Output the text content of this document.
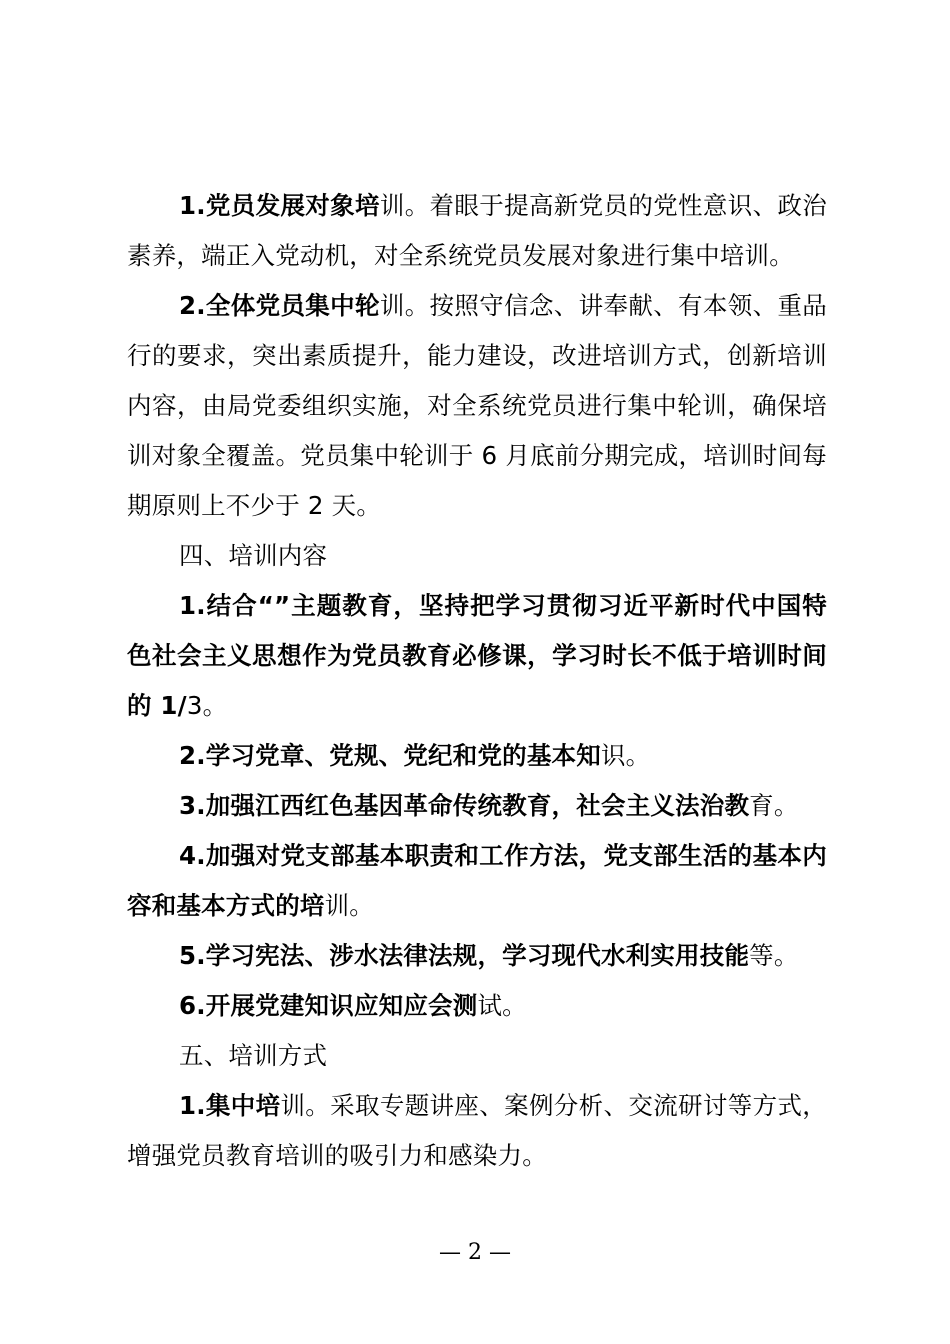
1.党员发展对象培训。着眼于提高新党员的党性意识、政治素养，端正入党动机，对全系统党员发展对象进行集中培训。

2.全体党员集中轮训。按照守信念、讲奉献、有本领、重品行的要求，突出素质提升，能力建设，改进培训方式，创新培训内容，由局党委组织实施，对全系统党员进行集中轮训，确保培训对象全覆盖。党员集中轮训于 6 月底前分期完成，培训时间每期原则上不少于 2 天。

四、培训内容

1.结合“”主题教育，坚持把学习贯彻习近平新时代中国特色社会主义思想作为党员教育必修课，学习时长不低于培训时间的 1/3。

2.学习党章、党规、党纪和党的基本知识。

3.加强江西红色基因革命传统教育，社会主义法治教育。

4.加强对党支部基本职责和工作方法，党支部生活的基本内容和基本方式的培训。

5.学习宪法、涉水法律法规，学习现代水利实用技能等。

6.开展党建知识应知应会测试。

五、培训方式

1.集中培训。采取专题讲座、案例分析、交流研讨等方式，增强党员教育培训的吸引力和感染力。

— 2 —
